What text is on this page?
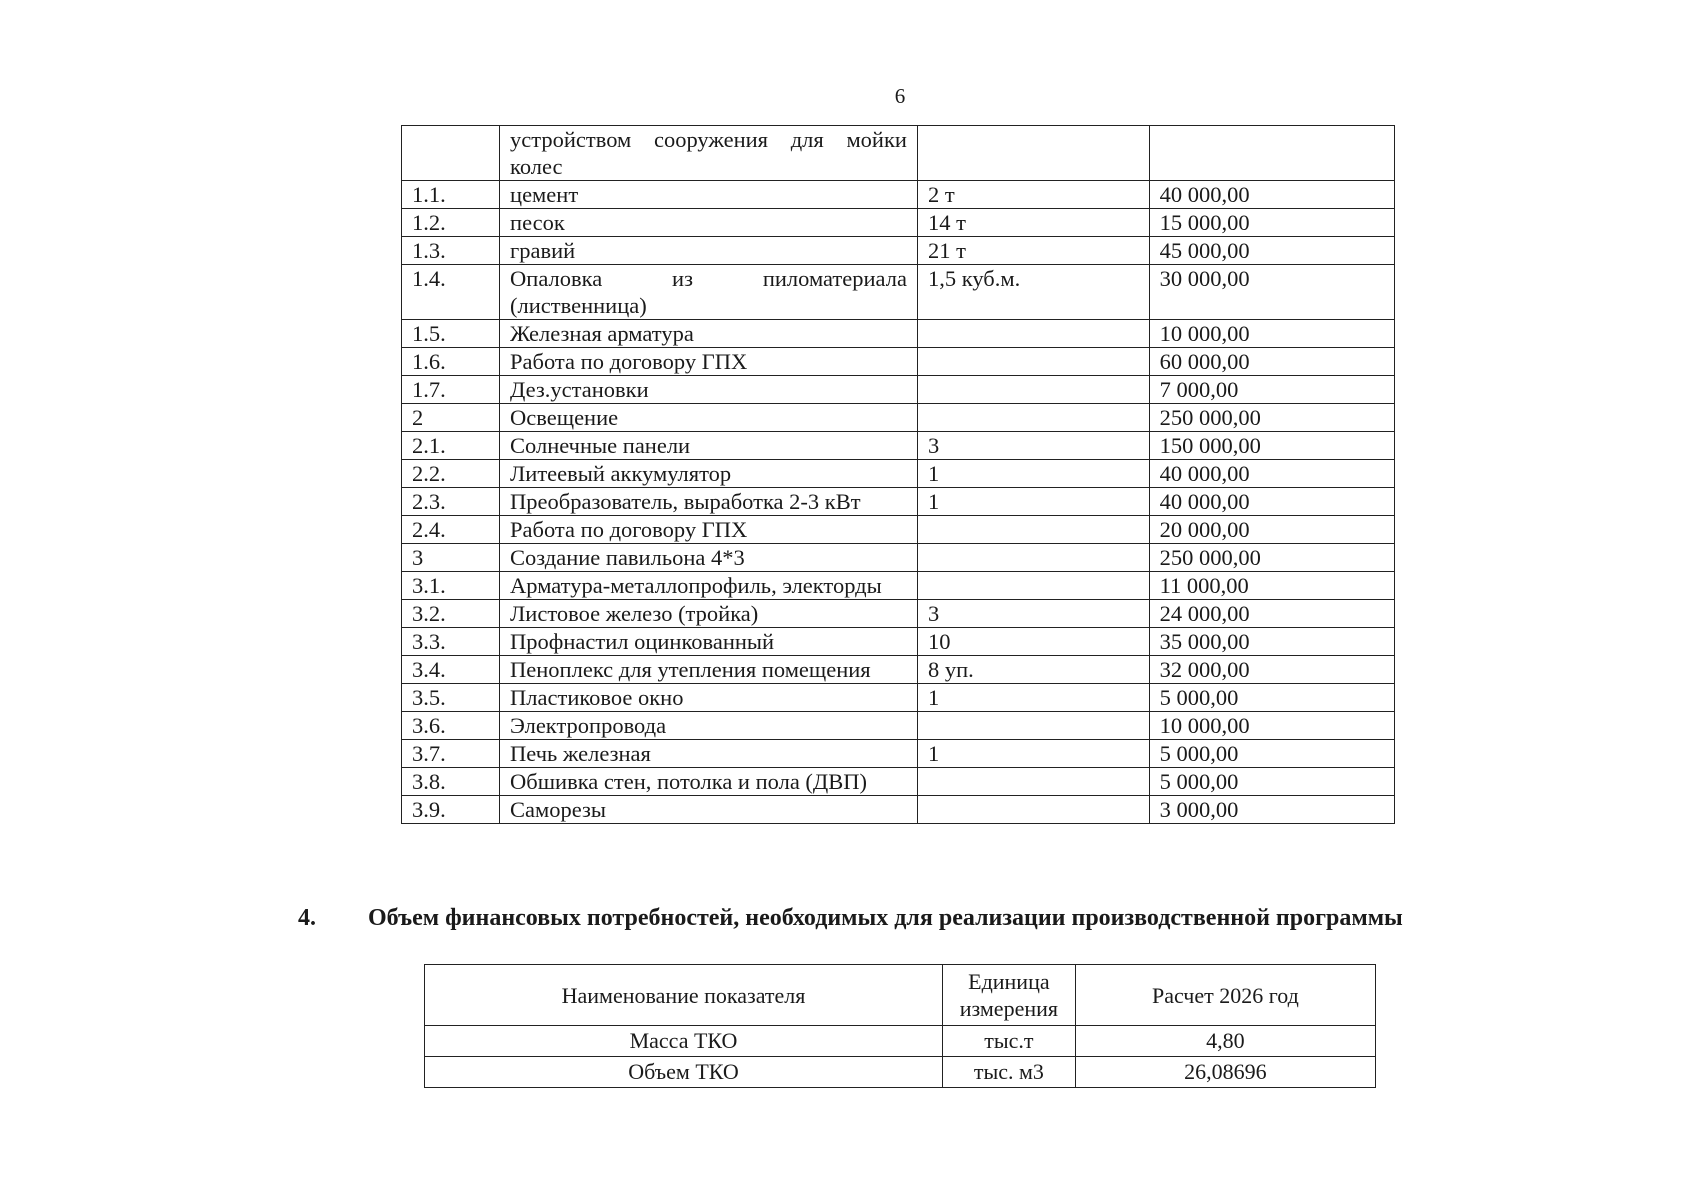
6
	устройством сооружения для мойки колес		
1.1.	цемент	2 т	40 000,00
1.2.	песок	14 т	15 000,00
1.3.	гравий	21 т	45 000,00
1.4.	Опаловка из пиломатериала (лиственница)	1,5 куб.м.	30 000,00
1.5.	Железная арматура		10 000,00
1.6.	Работа по договору ГПХ		60 000,00
1.7.	Дез.установки		7 000,00
2	Освещение		250 000,00
2.1.	Солнечные панели	3	150 000,00
2.2.	Литеевый аккумулятор	1	40 000,00
2.3.	Преобразователь, выработка 2-3 кВт	1	40 000,00
2.4.	Работа по договору ГПХ		20 000,00
3	Создание павильона 4*3		250 000,00
3.1.	Арматура-металлопрофиль, электорды		11 000,00
3.2.	Листовое железо (тройка)	3	24 000,00
3.3.	Профнастил оцинкованный	10	35 000,00
3.4.	Пеноплекс для утепления помещения	8 уп.	32 000,00
3.5.	Пластиковое окно	1	5 000,00
3.6.	Электропровода		10 000,00
3.7.	Печь железная	1	5 000,00
3.8.	Обшивка стен, потолка и пола (ДВП)		5 000,00
3.9.	Саморезы		3 000,00
4. Объем финансовых потребностей, необходимых для реализации производственной программы
Наименование показателя	Единица измерения	Расчет 2026 год
Масса ТКО	тыс.т	4,80
Объем ТКО	тыс. м3	26,08696
